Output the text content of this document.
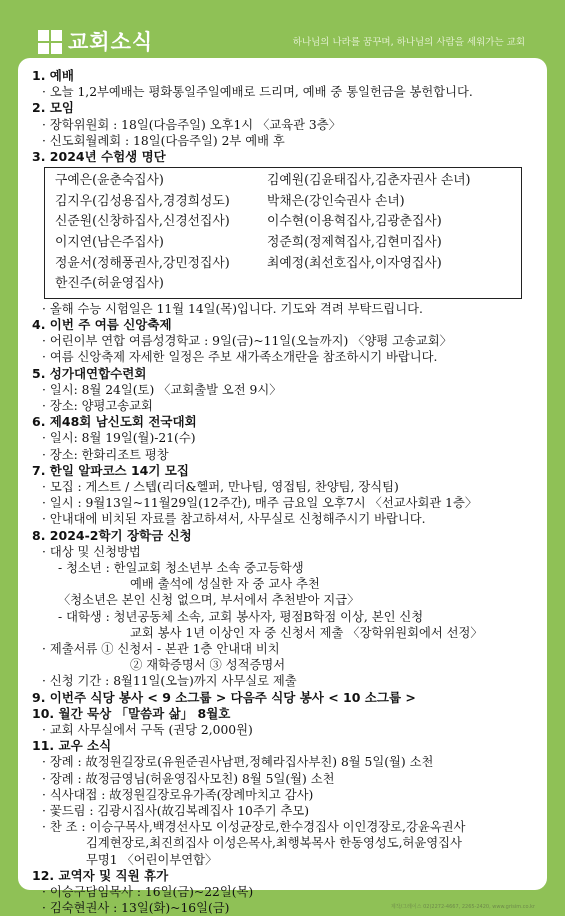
교회소식	하나님의 나라를 꿈꾸며, 하나님의 사람을 세워가는 교회
1. 예배
· 오늘 1,2부예배는 평화통일주일예배로 드리며, 예배 중 통일헌금을 봉헌합니다.
2. 모임
· 장학위원회 : 18일(다음주일) 오후1시 〈교육관 3층〉
· 신도회월례회 : 18일(다음주일) 2부 예배 후
3. 2024년 수험생 명단
구예은(윤춘숙집사)	김예원(김윤태집사,김춘자권사 손녀)
김지우(김성용집사,경경희성도)	박채은(강인숙권사 손녀)
신준원(신창하집사,신경선집사)	이수현(이용혁집사,김광춘집사)
이지연(남은주집사)	정준희(정제혁집사,김현미집사)
정윤서(정해풍권사,강민정집사)	최예정(최선호집사,이자영집사)
한진주(허윤영집사)
· 올해 수능 시험일은 11월 14일(목)입니다. 기도와 격려 부탁드립니다.
4. 이번 주 여름 신앙축제
· 어린이부 연합 여름성경학교 : 9일(금)~11일(오늘까지) 〈양평 고송교회〉
· 여름 신앙축제 자세한 일정은 주보 새가족소개란을 참조하시기 바랍니다.
5. 성가대연합수련회
· 일시: 8월 24일(토) 〈교회출발 오전 9시〉
· 장소: 양평고송교회
6. 제48회 남신도회 전국대회
· 일시: 8월 19일(월)-21(수)
· 장소: 한화리조트 평창
7. 한일 알파코스 14기 모집
· 모집 : 게스트 / 스텝(리더&헬퍼, 만나팀, 영접팀, 찬양팀, 장식팀)
· 일시 : 9월13일~11월29일(12주간), 매주 금요일 오후7시 〈선교사회관 1층〉
· 안내대에 비치된 자료를 참고하셔서, 사무실로 신청해주시기 바랍니다.
8. 2024-2학기 장학금 신청
· 대상 및 신청방법
- 청소년 : 한일교회 청소년부 소속 중고등학생
예배 출석에 성실한 자 중 교사 추천
〈청소년은 본인 신청 없으며, 부서에서 추천받아 지급〉
- 대학생 : 청년공동체 소속, 교회 봉사자, 평점B학점 이상, 본인 신청
교회 봉사 1년 이상인 자 중 신청서 제출 〈장학위원회에서 선정〉
· 제출서류 ① 신청서 - 본관 1층 안내대 비치
② 재학증명서 ③ 성적증명서
· 신청 기간 : 8월11일(오늘)까지 사무실로 제출
9. 이번주 식당 봉사 < 9 소그룹 > 다음주 식당 봉사 < 10 소그룹 >
10. 월간 묵상 「말씀과 삶」 8월호
· 교회 사무실에서 구독 (권당 2,000원)
11. 교우 소식
· 장례 : 故정원길장로(유원준권사남편,정혜라집사부친) 8월 5일(월) 소천
· 장례 : 故정금영님(허윤영집사모친) 8월 5일(월) 소천
· 식사대접 : 故정원길장로유가족(장례마치고 감사)
· 꽃드림 : 김광시집사(故김복례집사 10주기 추모)
· 찬 조 : 이승구목사,백경선사모 이성균장로,한수경집사 이인경장로,강윤옥권사
김계현장로,최진희집사 이성은목사,최행복목사 한동영성도,허윤영집사
무명1 〈어린이부연합〉
12. 교역자 및 직원 휴가
· 이승구담임목사 : 16일(금)~22일(목)
· 김숙현권사 : 13일(화)~16일(금)	제작/그레이스 02)2272-4667, 2265-2420, www.grisim.co.kr
